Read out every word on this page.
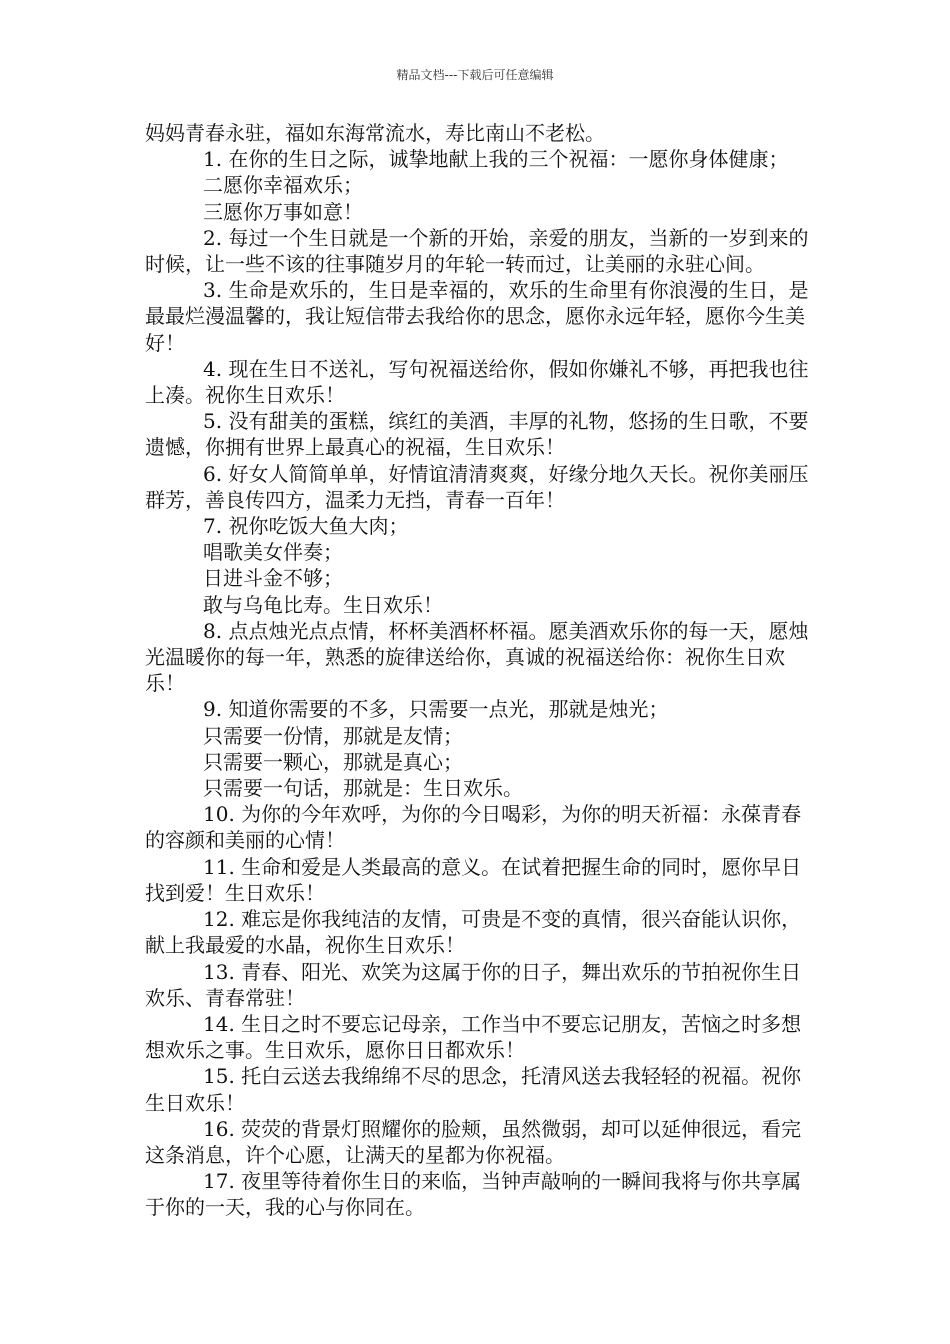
精品文档---下载后可任意编辑

妈妈青春永驻，福如东海常流水，寿比南山不老松。

1. 在你的生日之际，诚挚地献上我的三个祝福：一愿你身体健康；

二愿你幸福欢乐；

三愿你万事如意！

2. 每过一个生日就是一个新的开始，亲爱的朋友，当新的一岁到来的时候，让一些不该的往事随岁月的年轮一转而过，让美丽的永驻心间。

3. 生命是欢乐的，生日是幸福的，欢乐的生命里有你浪漫的生日，是最最烂漫温馨的，我让短信带去我给你的思念，愿你永远年轻，愿你今生美好！

4. 现在生日不送礼，写句祝福送给你，假如你嫌礼不够，再把我也往上凑。祝你生日欢乐！

5. 没有甜美的蛋糕，缤红的美酒，丰厚的礼物，悠扬的生日歌，不要遗憾，你拥有世界上最真心的祝福，生日欢乐！

6. 好女人简简单单，好情谊清清爽爽，好缘分地久天长。祝你美丽压群芳，善良传四方，温柔力无挡，青春一百年！

7. 祝你吃饭大鱼大肉；

唱歌美女伴奏；

日进斗金不够；

敢与乌龟比寿。生日欢乐！

8. 点点烛光点点情，杯杯美酒杯杯福。愿美酒欢乐你的每一天，愿烛光温暖你的每一年，熟悉的旋律送给你，真诚的祝福送给你：祝你生日欢乐！

9. 知道你需要的不多，只需要一点光，那就是烛光；

只需要一份情，那就是友情；

只需要一颗心，那就是真心；

只需要一句话，那就是：生日欢乐。

10. 为你的今年欢呼，为你的今日喝彩，为你的明天祈福：永葆青春的容颜和美丽的心情！

11. 生命和爱是人类最高的意义。在试着把握生命的同时，愿你早日找到爱！生日欢乐！

12. 难忘是你我纯洁的友情，可贵是不变的真情，很兴奋能认识你，献上我最爱的水晶，祝你生日欢乐！

13. 青春、阳光、欢笑为这属于你的日子，舞出欢乐的节拍祝你生日欢乐、青春常驻！

14. 生日之时不要忘记母亲，工作当中不要忘记朋友，苦恼之时多想想欢乐之事。生日欢乐，愿你日日都欢乐！

15. 托白云送去我绵绵不尽的思念，托清风送去我轻轻的祝福。祝你生日欢乐！

16. 荧荧的背景灯照耀你的脸颊，虽然微弱，却可以延伸很远，看完这条消息，许个心愿，让满天的星都为你祝福。

17. 夜里等待着你生日的来临，当钟声敲响的一瞬间我将与你共享属于你的一天，我的心与你同在。
